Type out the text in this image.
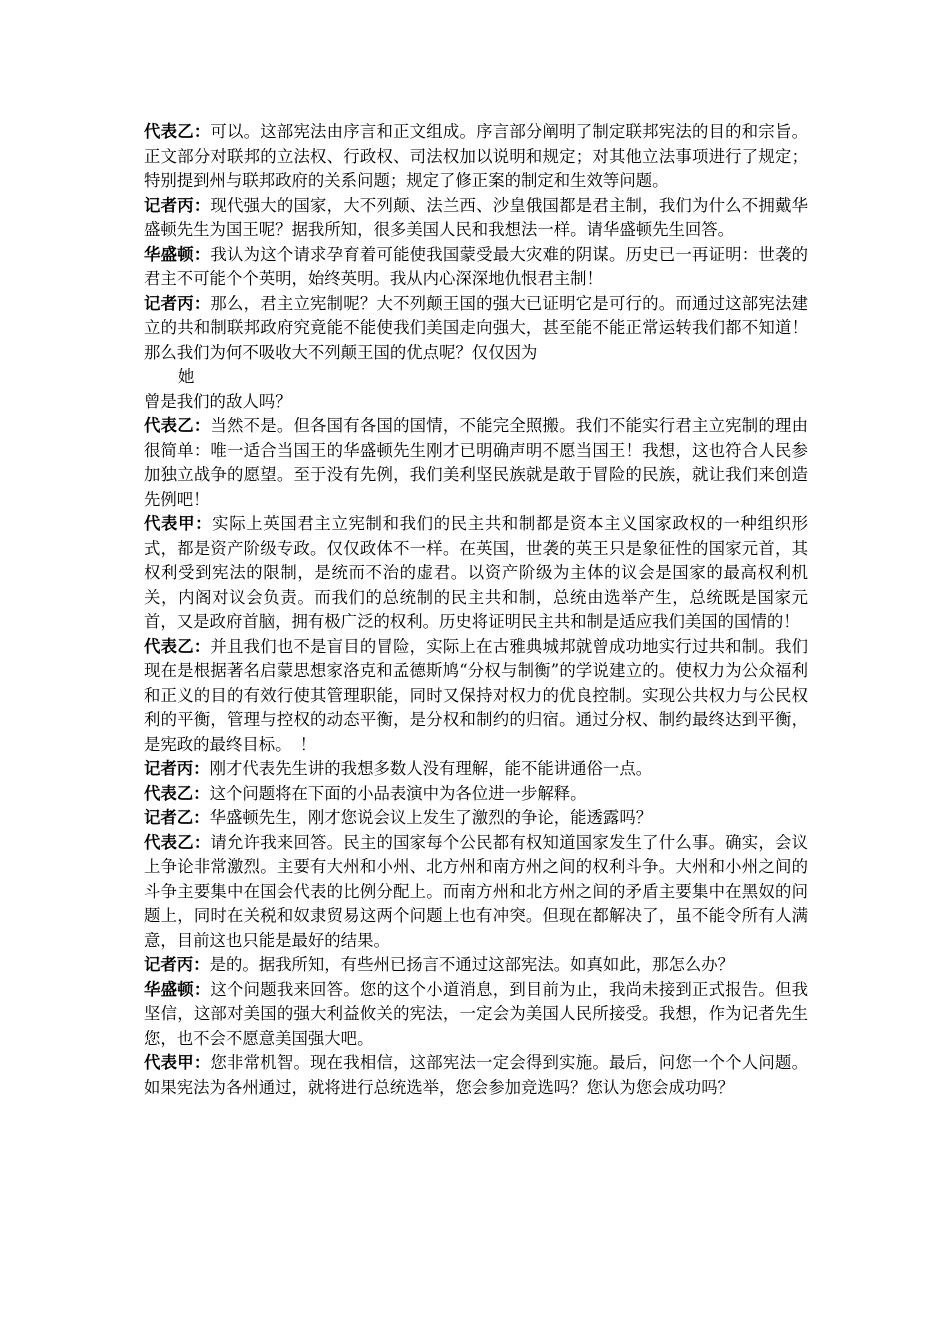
代表乙：可以。这部宪法由序言和正文组成。序言部分阐明了制定联邦宪法的目的和宗旨。正文部分对联邦的立法权、行政权、司法权加以说明和规定；对其他立法事项进行了规定；特别提到州与联邦政府的关系问题；规定了修正案的制定和生效等问题。

记者丙：现代强大的国家，大不列颠、法兰西、沙皇俄国都是君主制，我们为什么不拥戴华盛顿先生为国王呢？据我所知，很多美国人民和我想法一样。请华盛顿先生回答。

华盛顿：我认为这个请求孕育着可能使我国蒙受最大灾难的阴谋。历史已一再证明：世袭的君主不可能个个英明，始终英明。我从内心深深地仇恨君主制！

记者丙：那么，君主立宪制呢？大不列颠王国的强大已证明它是可行的。而通过这部宪法建立的共和制联邦政府究竟能不能使我们美国走向强大，甚至能不能正常运转我们都不知道！那么我们为何不吸收大不列颠王国的优点呢？仅仅因为

她

曾是我们的敌人吗？

代表乙：当然不是。但各国有各国的国情，不能完全照搬。我们不能实行君主立宪制的理由很简单：唯一适合当国王的华盛顿先生刚才已明确声明不愿当国王！我想，这也符合人民参加独立战争的愿望。至于没有先例，我们美利坚民族就是敢于冒险的民族，就让我们来创造先例吧！

代表甲：实际上英国君主立宪制和我们的民主共和制都是资本主义国家政权的一种组织形式，都是资产阶级专政。仅仅政体不一样。在英国，世袭的英王只是象征性的国家元首，其权利受到宪法的限制，是统而不治的虚君。以资产阶级为主体的议会是国家的最高权利机关，内阁对议会负责。而我们的总统制的民主共和制，总统由选举产生，总统既是国家元首，又是政府首脑，拥有极广泛的权利。历史将证明民主共和制是适应我们美国的国情的！

代表乙：并且我们也不是盲目的冒险，实际上在古雅典城邦就曾成功地实行过共和制。我们现在是根据著名启蒙思想家洛克和孟德斯鸠“分权与制衡”的学说建立的。使权力为公众福利和正义的目的有效行使其管理职能，同时又保持对权力的优良控制。实现公共权力与公民权利的平衡，管理与控权的动态平衡，是分权和制约的归宿。通过分权、制约最终达到平衡，是宪政的最终目标。　！

记者丙：刚才代表先生讲的我想多数人没有理解，能不能讲通俗一点。

代表乙：这个问题将在下面的小品表演中为各位进一步解释。

记者乙：华盛顿先生，刚才您说会议上发生了激烈的争论，能透露吗？

代表乙：请允许我来回答。民主的国家每个公民都有权知道国家发生了什么事。确实，会议上争论非常激烈。主要有大州和小州、北方州和南方州之间的权利斗争。大州和小州之间的斗争主要集中在国会代表的比例分配上。而南方州和北方州之间的矛盾主要集中在黑奴的问题上，同时在关税和奴隶贸易这两个问题上也有冲突。但现在都解决了，虽不能令所有人满意，目前这也只能是最好的结果。

记者丙：是的。据我所知，有些州已扬言不通过这部宪法。如真如此，那怎么办？

华盛顿：这个问题我来回答。您的这个小道消息，到目前为止，我尚未接到正式报告。但我坚信，这部对美国的强大利益攸关的宪法，一定会为美国人民所接受。我想，作为记者先生您，也不会不愿意美国强大吧。

代表甲：您非常机智。现在我相信，这部宪法一定会得到实施。最后，问您一个个人问题。如果宪法为各州通过，就将进行总统选举，您会参加竞选吗？您认为您会成功吗？
